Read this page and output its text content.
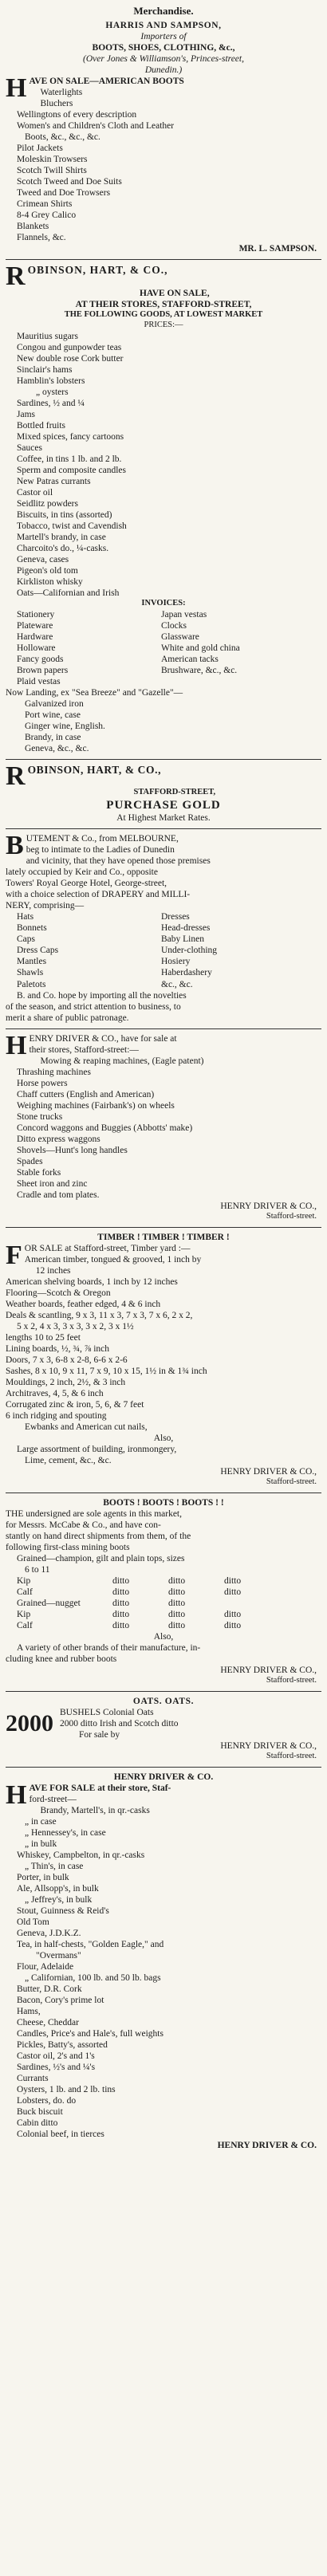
Merchandise.
HARRIS AND SAMPSON,
Importers of
BOOTS, SHOES, CLOTHING, &c.,
(Over Jones & Williamson's, Princes-street,
Dunedin.)
H AVE ON SALE—AMERICAN BOOTS
Waterlights
Bluchers
Wellingtons of every description
Women's and Children's Cloth and Leather
Boots, &c., &c., &c.
Pilot Jackets
Moleskin Trowsers
Scotch Twill Shirts
Scotch Tweed and Doe Suits
Tweed and Doe Trowsers
Crimean Shirts
8-4 Grey Calico
Blankets
Flannels, &c.
MR. L. SAMPSON.
R OBINSON, HART, & CO.,
HAVE ON SALE,
AT THEIR STORES, STAFFORD-STREET,
THE FOLLOWING GOODS, AT LOWEST MARKET
PRICES:—
Mauritius sugars
Congou and gunpowder teas
New double rose Cork butter
Sinclair's hams
Hamblin's lobsters
„ oysters
Sardines, ½ and ¼
Jams
Bottled fruits
Mixed spices, fancy cartoons
Sauces
Coffee, in tins 1 lb. and 2 lb.
Sperm and composite candles
New Patras currants
Castor oil
Seidlitz powders
Biscuits, in tins (assorted)
Tobacco, twist and Cavendish
Martell's brandy, in case
Charcoito's do., ¼-casks.
Geneva, cases
Pigeon's old tom
Kirkliston whisky
Oats—Californian and Irish
INVOICES:
Stationery	Japan vestas
Plateware	Clocks
Hardware	Glassware
Holloware	White and gold china
Fancy goods	American tacks
Brown papers	Brushware, &c., &c.
Plaid vestas
Now Landing, ex "Sea Breeze" and "Gazelle"—
Galvanized iron
Port wine, case
Ginger wine, English.
Brandy, in case
Geneva, &c., &c.
R OBINSON, HART, & CO.,
STAFFORD-STREET,
PURCHASE GOLD
At Highest Market Rates.
B UTEMENT & Co., from MELBOURNE,
beg to intimate to the Ladies of Dunedin
and vicinity, that they have opened those premises
lately occupied by Keir and Co., opposite
Towers' Royal George Hotel, George-street,
with a choice selection of DRAPERY and MILLI-
NERY, comprising—
Hats	Dresses
Bonnets	Head-dresses
Caps	Baby Linen
Dress Caps	Under-clothing
Mantles	Hosiery
Shawls	Haberdashery
Paletots	&c., &c.
B. and Co. hope by importing all the novelties
of the season, and strict attention to business, to
merit a share of public patronage.
H ENRY DRIVER & CO., have for sale at
their stores, Stafford-street:—
Mowing & reaping machines, (Eagle patent)
Thrashing machines
Horse powers
Chaff cutters (English and American)
Weighing machines (Fairbank's) on wheels
Stone trucks
Concord waggons and Buggies (Abbotts' make)
Ditto express waggons
Shovels—Hunt's long handles
Spades
Stable forks
Sheet iron and zinc
Cradle and tom plates.
HENRY DRIVER & CO.,
Stafford-street.
TIMBER ! TIMBER ! TIMBER !
F OR SALE at Stafford-street, Timber yard :—
American timber, tongued & grooved, 1 inch by
12 inches
American shelving boards, 1 inch by 12 inches
Flooring—Scotch & Oregon
Weather boards, feather edged, 4 & 6 inch
Deals & scantling, 9 x 3, 11 x 3, 7 x 3, 7 x 6, 2 x 2,
5 x 2, 4 x 3, 3 x 3, 3 x 2, 3 x 1½
lengths 10 to 25 feet
Lining boards, ½, ¾, ⅞ inch
Doors, 7 x 3, 6-8 x 2-8, 6-6 x 2-6
Sashes, 8 x 10, 9 x 11, 7 x 9, 10 x 15, 1½ in & 1¾ inch
Mouldings, 2 inch, 2½, & 3 inch
Architraves, 4, 5, & 6 inch
Corrugated zinc & iron, 5, 6, & 7 feet
6 inch ridging and spouting
Ewbanks and American cut nails,
Also,
Large assortment of building, ironmongery,
Lime, cement, &c., &c.
HENRY DRIVER & CO.,
Stafford-street.
BOOTS ! BOOTS ! BOOTS ! !
THE undersigned are sole agents in this market,
for Messrs. McCabe & Co., and have con-
stantly on hand direct shipments from them, of the
following first-class mining boots
Grained—champion, gilt and plain tops, sizes
6 to 11
Kip	ditto	ditto	ditto
Calf	ditto	ditto	ditto
Grained—nugget	ditto	ditto
Kip	ditto	ditto	ditto
Calf	ditto	ditto	ditto
Also,
A variety of other brands of their manufacture, in-
cluding knee and rubber boots
HENRY DRIVER & CO.,
Stafford-street.
OATS. OATS.
2000 BUSHELS Colonial Oats
2000 ditto Irish and Scotch ditto
For sale by
HENRY DRIVER & CO.,
Stafford-street.
HENRY DRIVER & CO.
H AVE FOR SALE at their store, Staf-
ford-street—
Brandy, Martell's, in qr.-casks
„ in case
„ Hennessey's, in case
„ in bulk
Whiskey, Campbelton, in qr.-casks
„ Thin's, in case
Porter, in bulk
Ale, Allsopp's, in bulk
„ Jeffrey's, in bulk
Stout, Guinness & Reid's
Old Tom
Geneva, J.D.K.Z.
Tea, in half-chests, "Golden Eagle," and
"Overmans"
Flour, Adelaide
„ Californian, 100 lb. and 50 lb. bags
Butter, D.R. Cork
Bacon, Cory's prime lot
Hams,
Cheese, Cheddar
Candles, Price's and Hale's, full weights
Pickles, Batty's, assorted
Castor oil, 2's and 1's
Sardines, ½'s and ¼'s
Currants
Oysters, 1 lb. and 2 lb. tins
Lobsters, do. do
Buck biscuit
Cabin ditto
Colonial beef, in tierces
HENRY DRIVER & CO.
